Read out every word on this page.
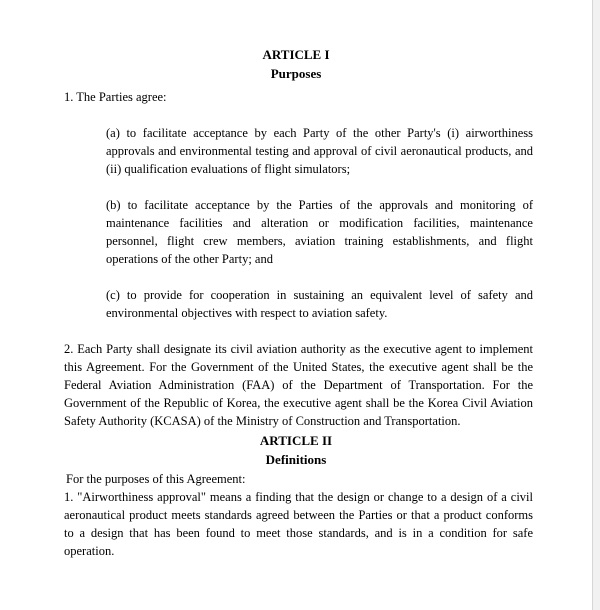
ARTICLE I
Purposes
1. The Parties agree:
(a) to facilitate acceptance by each Party of the other Party's (i) airworthiness
approvals and environmental testing and approval of civil aeronautical products, and
(ii) qualification evaluations of flight simulators;
(b) to facilitate acceptance by the Parties of the approvals and monitoring of
maintenance facilities and alteration or modification facilities, maintenance
personnel, flight crew members, aviation training establishments, and flight
operations of the other Party; and
(c) to provide for cooperation in sustaining an equivalent level of safety and
environmental objectives with respect to aviation safety.
2. Each Party shall designate its civil aviation authority as the executive agent to implement
this Agreement. For the Government of the United States, the executive agent shall be the
Federal Aviation Administration (FAA) of the Department of Transportation. For the
Government of the Republic of Korea, the executive agent shall be the Korea Civil Aviation
Safety Authority (KCASA) of the Ministry of Construction and Transportation.
ARTICLE II
Definitions
For the purposes of this Agreement:
1. "Airworthiness approval" means a finding that the design or change to a design of a civil
aeronautical product meets standards agreed between the Parties or that a product conforms
to a design that has been found to meet those standards, and is in a condition for safe
operation.
